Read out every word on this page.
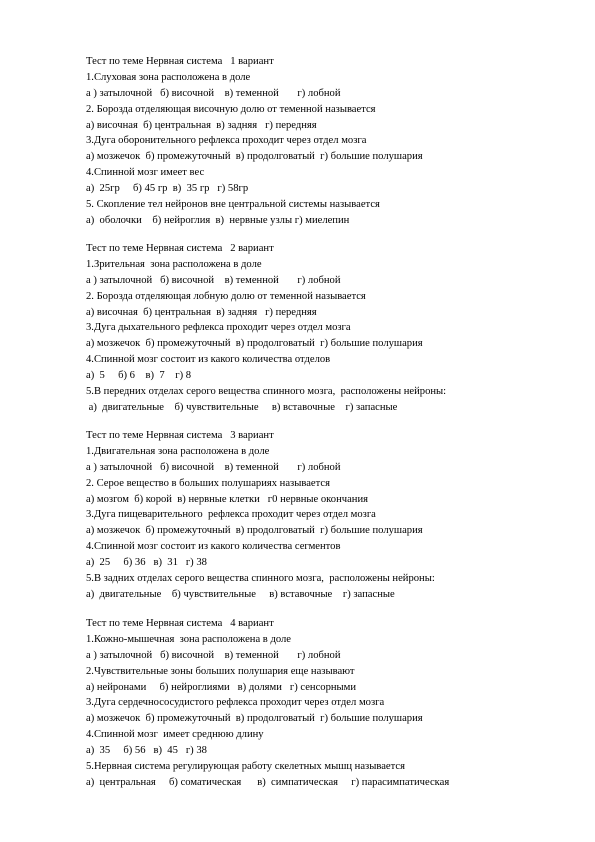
Тест по теме Нервная система   1 вариант
1.Слуховая зона расположена в доле
а ) затылочной   б) височной    в) теменной       г) лобной
2. Борозда отделяющая височную долю от теменной называется
а) височная  б) центральная  в) задняя   г) передняя
3.Дуга оборонительного рефлекса проходит через отдел мозга
а) мозжечок  б) промежуточный  в) продолговатый  г) большие полушария
4.Спинной мозг имеет вес
а)  25гр     б) 45 гр  в)  35 гр   г) 58гр
5. Скопление тел нейронов вне центральной системы называется
а)  оболочки    б) нейроглия  в)  нервные узлы г) миелепин
Тест по теме Нервная система   2 вариант
1.Зрительная  зона расположена в доле
а ) затылочной   б) височной    в) теменной       г) лобной
2. Борозда отделяющая лобную долю от теменной называется
а) височная  б) центральная  в) задняя   г) передняя
3.Дуга дыхательного рефлекса проходит через отдел мозга
а) мозжечок  б) промежуточный  в) продолговатый  г) большие полушария
4.Спинной мозг состоит из какого количества отделов
а)  5     б) 6    в)  7    г) 8
5.В передних отделах серого вещества спинного мозга,  расположены нейроны:
а)  двигательные    б) чувствительные     в) вставочные    г) запасные
Тест по теме Нервная система   3 вариант
1.Двигательная зона расположена в доле
а ) затылочной   б) височной    в) теменной       г) лобной
2. Серое вещество в больших полушариях называется
а) мозгом  б) корой  в) нервные клетки   г0 нервные окончания
3.Дуга пищеварительного  рефлекса проходит через отдел мозга
а) мозжечок  б) промежуточный  в) продолговатый  г) большие полушария
4.Спинной мозг состоит из какого количества сегментов
а)  25     б) 36   в)  31   г) 38
5.В задних отделах серого вещества спинного мозга,  расположены нейроны:
а)  двигательные    б) чувствительные     в) вставочные    г) запасные
Тест по теме Нервная система   4 вариант
1.Кожно-мышечная  зона расположена в доле
а ) затылочной   б) височной    в) теменной       г) лобной
2.Чувствительные зоны больших полушария еще называют
а) нейронами     б) нейроглиями   в) долями   г) сенсорными
3.Дуга сердечнососудистого рефлекса проходит через отдел мозга
а) мозжечок  б) промежуточный  в) продолговатый  г) большие полушария
4.Спинной мозг  имеет среднюю длину
а)  35     б) 56   в)  45   г) 38
5.Нервная система регулирующая работу скелетных мышц называется
а)  центральная     б) соматическая      в)  симпатическая     г) парасимпатическая
